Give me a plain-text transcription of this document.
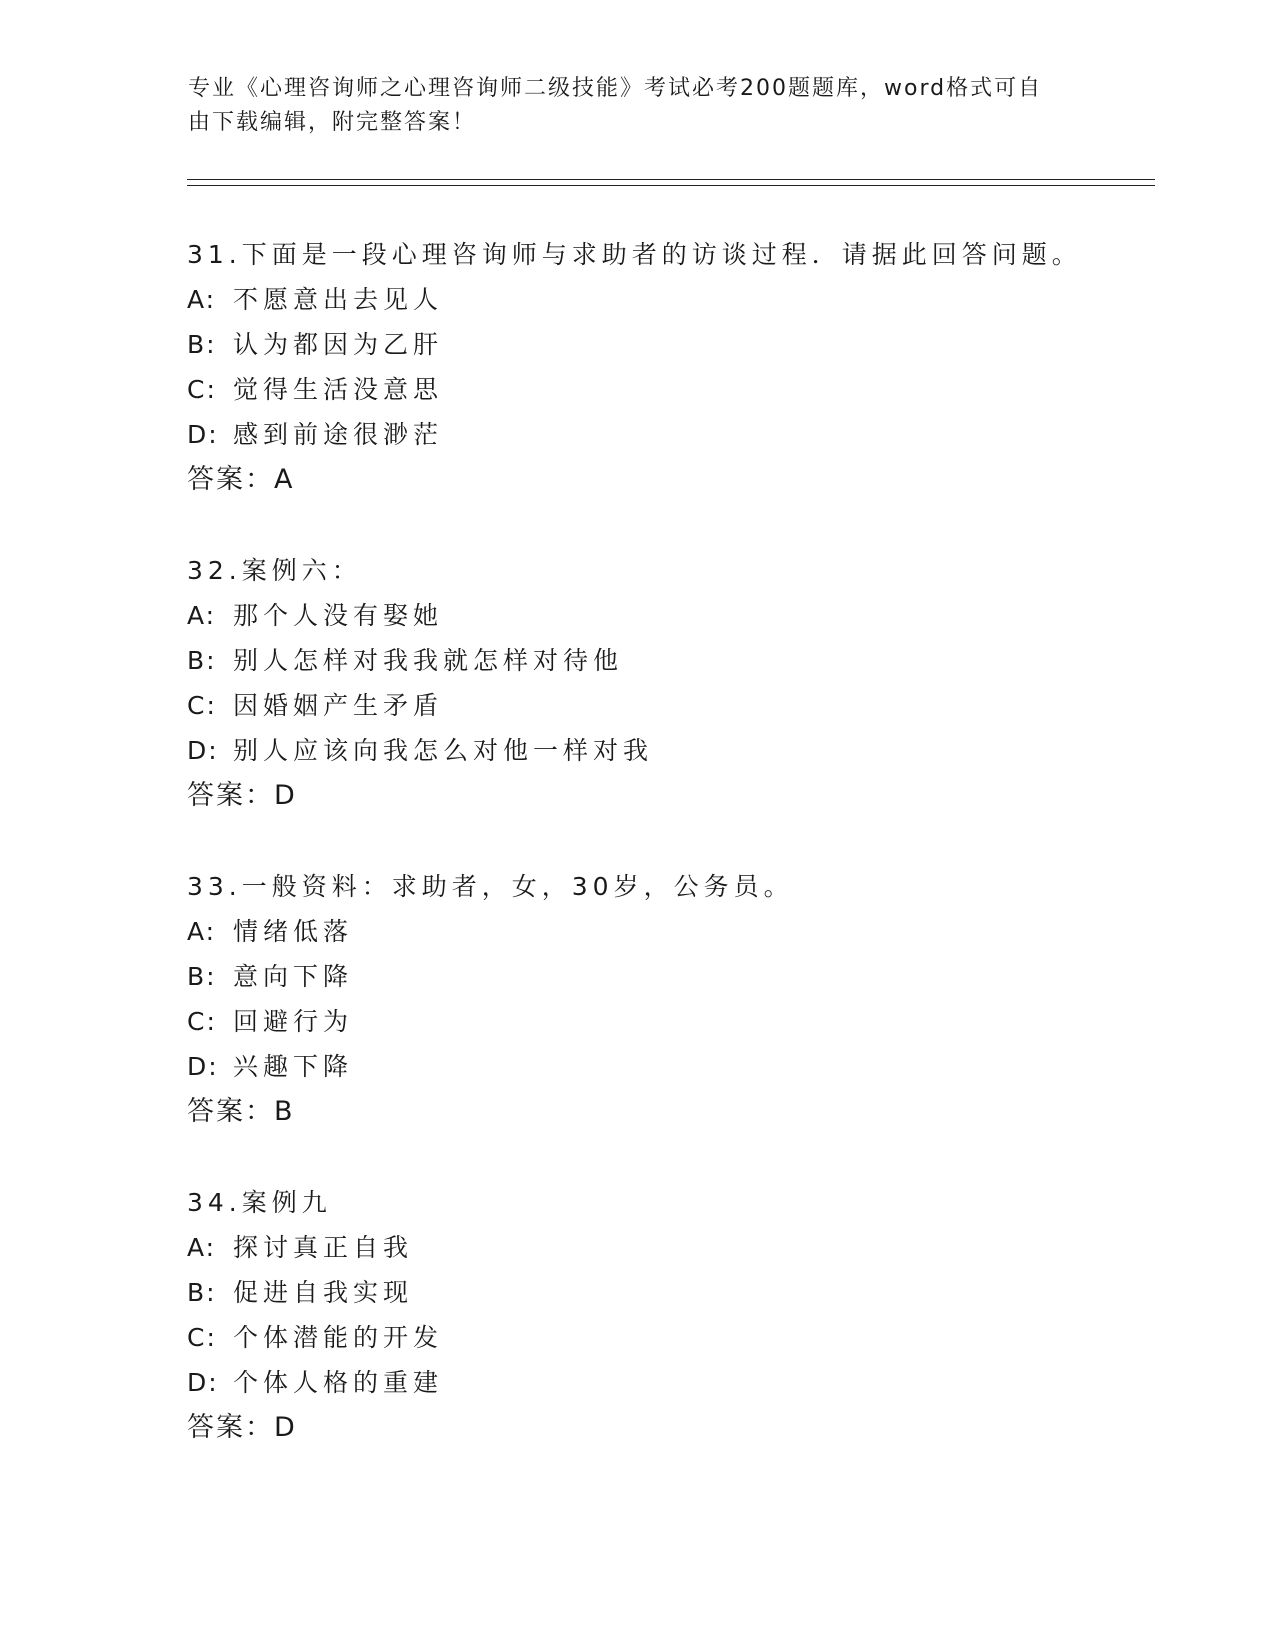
专业《心理咨询师之心理咨询师二级技能》考试必考200题题库，word格式可自
由下载编辑，附完整答案！
31.下面是一段心理咨询师与求助者的访谈过程．请据此回答问题。
A: 不愿意出去见人
B: 认为都因为乙肝
C: 觉得生活没意思
D: 感到前途很渺茫
答案：A
32.案例六：
A: 那个人没有娶她
B: 别人怎样对我我就怎样对待他
C: 因婚姻产生矛盾
D: 别人应该向我怎么对他一样对我
答案：D
33.一般资料：求助者，女，30岁，公务员。
A: 情绪低落
B: 意向下降
C: 回避行为
D: 兴趣下降
答案：B
34.案例九
A: 探讨真正自我
B: 促进自我实现
C: 个体潜能的开发
D: 个体人格的重建
答案：D
